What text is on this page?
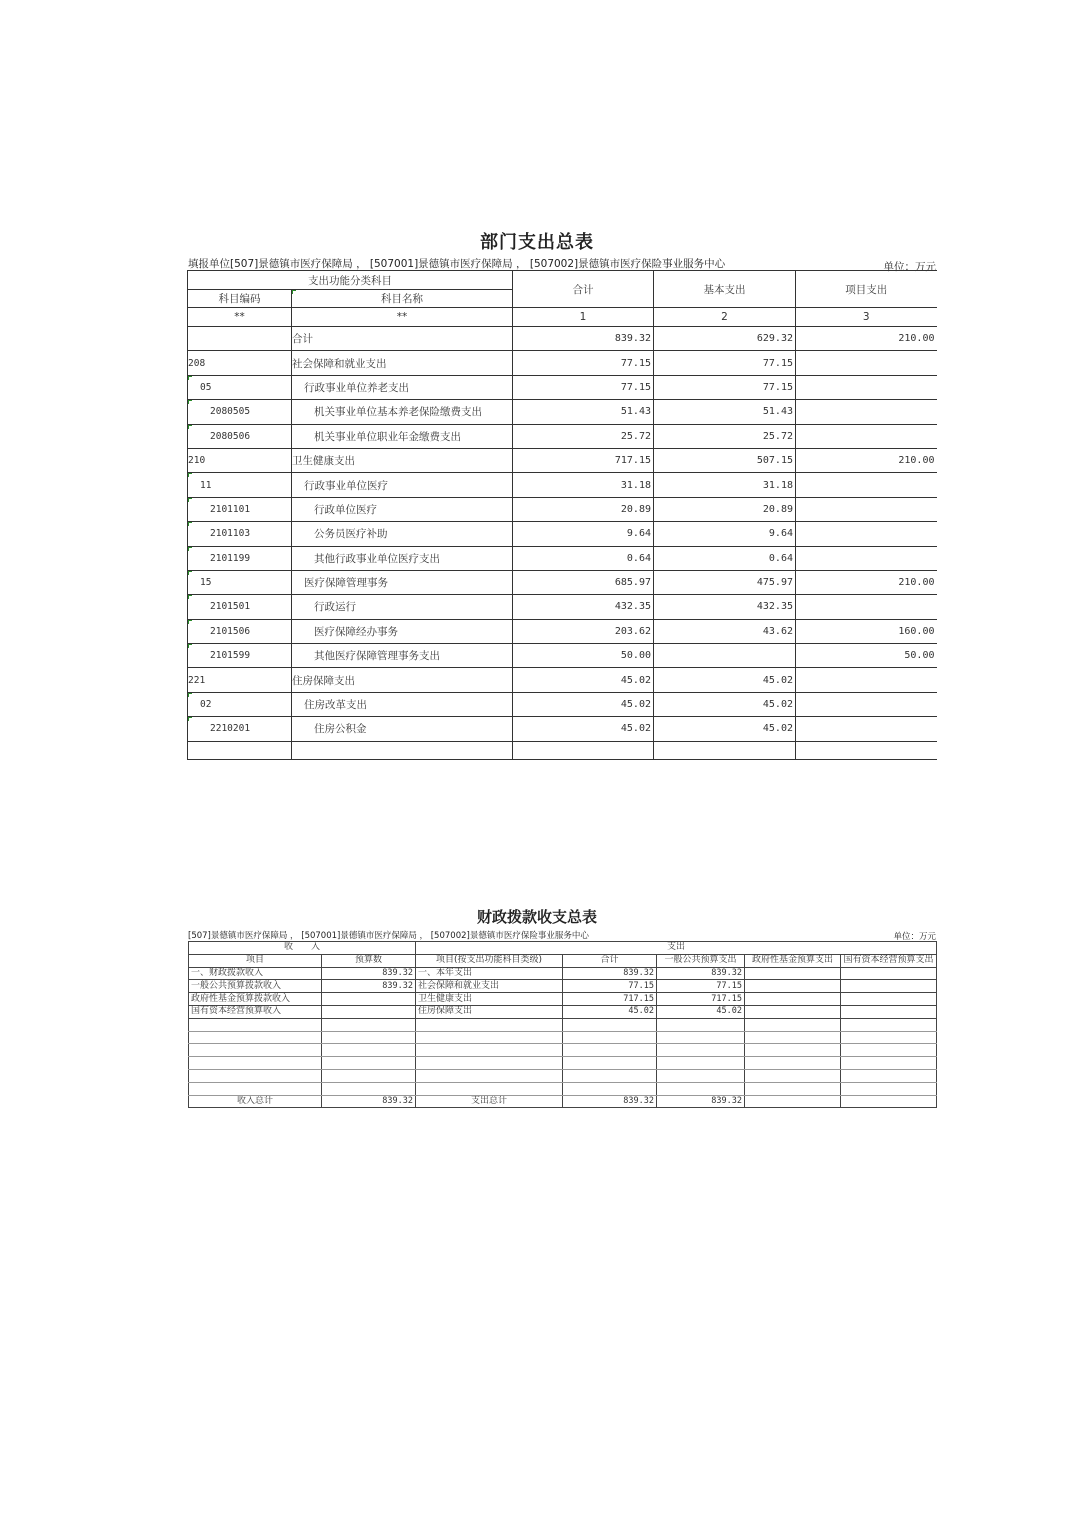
部门支出总表
填报单位[507]景德镇市医疗保障局 ， [507001]景德镇市医疗保障局 ， [507002]景德镇市医疗保险事业服务中心	单位：万元
支出功能分类科目		合计	基本支出	项目支出
科目编码	科目名称			
**	**	1	2	3
	合计	839.32	629.32	210.00
208	社会保障和就业支出	77.15	77.15	
05	行政事业单位养老支出	77.15	77.15	
2080505	机关事业单位基本养老保险缴费支出	51.43	51.43	
2080506	机关事业单位职业年金缴费支出	25.72	25.72	
210	卫生健康支出	717.15	507.15	210.00
11	行政事业单位医疗	31.18	31.18	
2101101	行政单位医疗	20.89	20.89	
2101103	公务员医疗补助	9.64	9.64	
2101199	其他行政事业单位医疗支出	0.64	0.64	
15	医疗保障管理事务	685.97	475.97	210.00
2101501	行政运行	432.35	432.35	
2101506	医疗保障经办事务	203.62	43.62	160.00
2101599	其他医疗保障管理事务支出	50.00		50.00
221	住房保障支出	45.02	45.02	
02	住房改革支出	45.02	45.02	
2210201	住房公积金	45.02	45.02	

财政拨款收支总表
[507]景德镇市医疗保障局 ， [507001]景德镇市医疗保障局 ， [507002]景德镇市医疗保险事业服务中心	单位：万元
收　　入		支出				
项目	预算数	项目(按支出功能科目类级)	合计	一般公共预算支出	政府性基金预算支出	国有资本经营预算支出
一、财政拨款收入	839.32	一、本年支出	839.32	839.32		
一般公共预算拨款收入	839.32	社会保障和就业支出	77.15	77.15		
政府性基金预算拨款收入		卫生健康支出	717.15	717.15		
国有资本经营预算收入		住房保障支出	45.02	45.02		

收入总计	839.32	支出总计	839.32	839.32		
